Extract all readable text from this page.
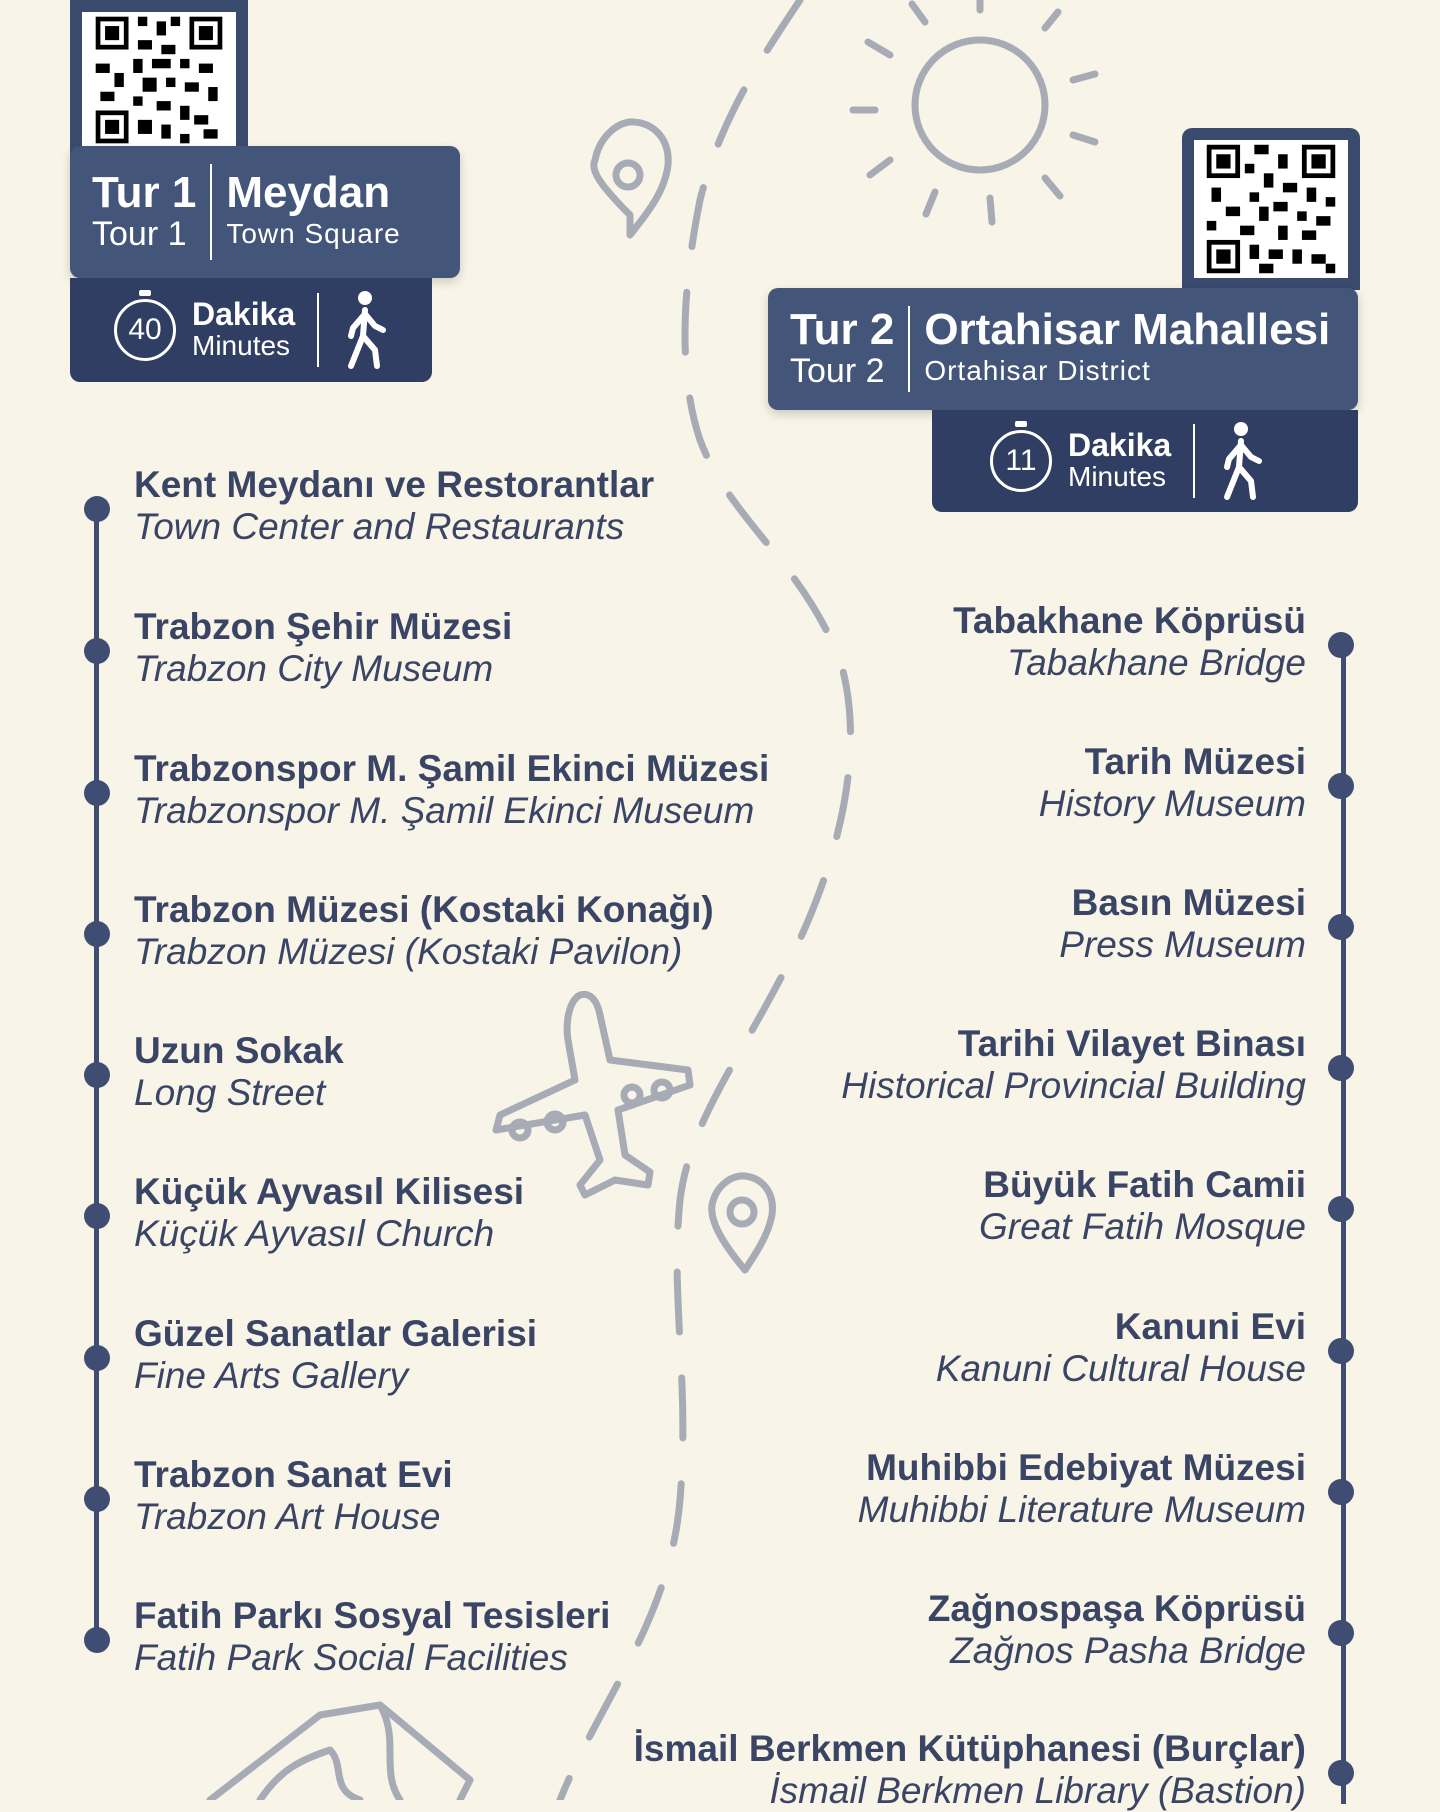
Tur 1
Tour 1
Meydan
Town Square
40 Dakika
Minutes	Tur 2
Tour 2
Ortahisar Mahallesi
Ortahisar District
11 Dakika
Minutes
Kent Meydanı ve Restorantlar
Town Center and Restaurants
Trabzon Şehir Müzesi
Trabzon City Museum
Trabzonspor M. Şamil Ekinci Müzesi
Trabzonspor M. Şamil Ekinci Museum
Trabzon Müzesi (Kostaki Konağı)
Trabzon Müzesi (Kostaki Pavilon)
Uzun Sokak
Long Street
Küçük Ayvasıl Kilisesi
Küçük Ayvasıl Church
Güzel Sanatlar Galerisi
Fine Arts Gallery
Trabzon Sanat Evi
Trabzon Art House
Fatih Parkı Sosyal Tesisleri
Fatih Park Social Facilities
Tabakhane Köprüsü
Tabakhane Bridge
Tarih Müzesi
History Museum
Basın Müzesi
Press Museum
Tarihi Vilayet Binası
Historical Provincial Building
Büyük Fatih Camii
Great Fatih Mosque
Kanuni Evi
Kanuni Cultural House
Muhibbi Edebiyat Müzesi
Muhibbi Literature Museum
Zağnospaşa Köprüsü
Zağnos Pasha Bridge
İsmail Berkmen Kütüphanesi (Burçlar)
İsmail Berkmen Library (Bastion)
